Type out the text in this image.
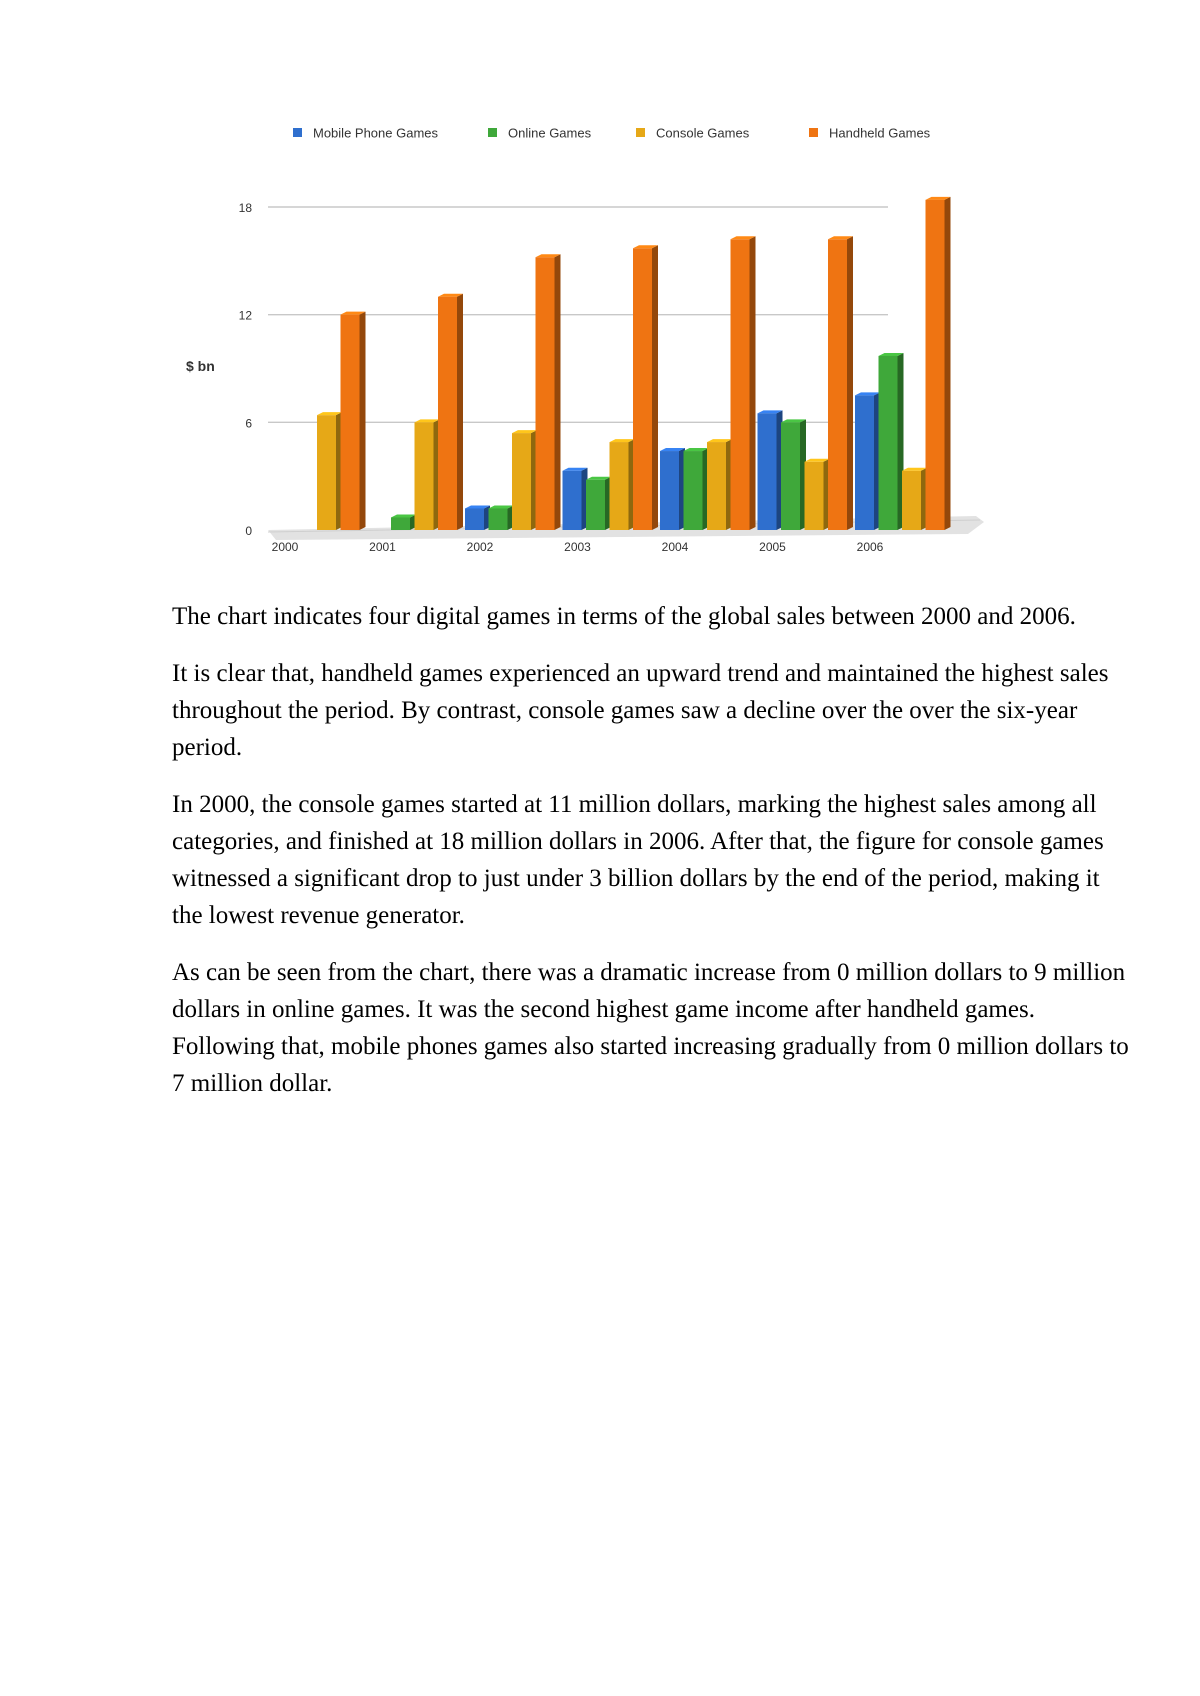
Mobile Phone Games	Online Games	Console Games	Handheld Games
$ bn
2000	2001	2002	2003	2004	2005	2006
0
6
12
18

The chart indicates four digital games in terms of the global sales between 2000 and 2006.

It is clear that, handheld games experienced an upward trend and maintained the highest sales throughout the period. By contrast, console games saw a decline over the over the six-year period.

In 2000, the console games started at 11 million dollars, marking the highest sales among all categories, and finished at 18 million dollars in 2006. After that, the figure for console games witnessed a significant drop to just under 3 billion dollars by the end of the period, making it the lowest revenue generator.

As can be seen from the chart, there was a dramatic increase from 0 million dollars to 9 million dollars in online games. It was the second highest game income after handheld games. Following that, mobile phones games also started increasing gradually from 0 million dollars to 7 million dollar.
